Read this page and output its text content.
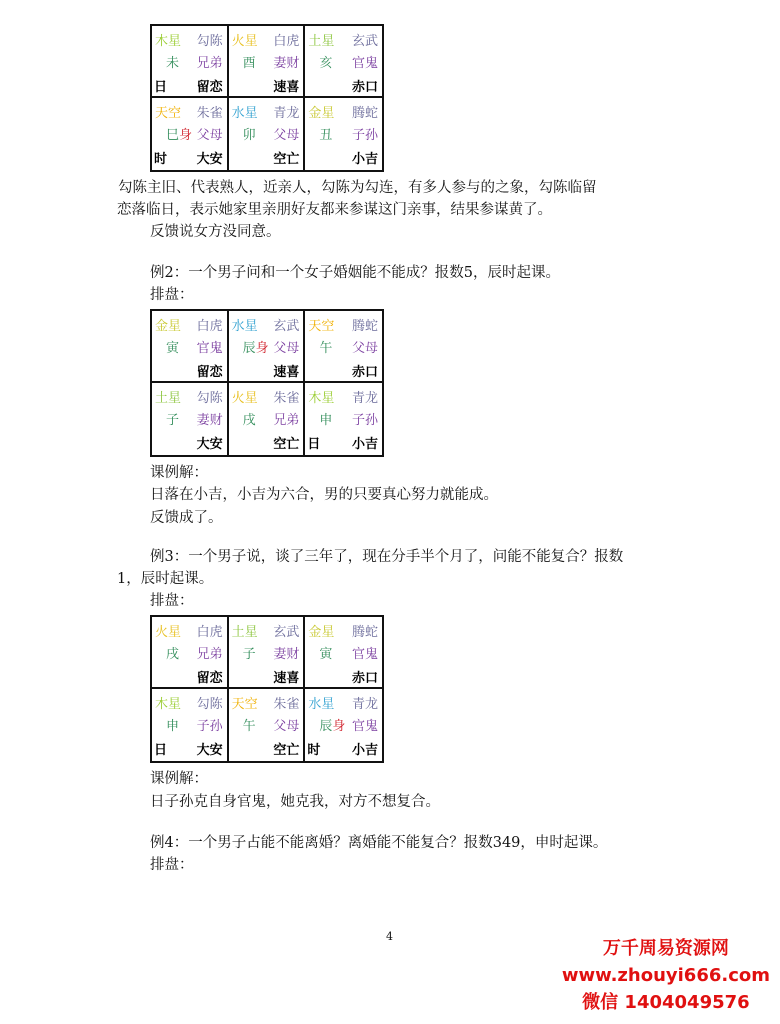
木星 勾陈
未 兄弟
日 留恋
火星 白虎
酉 妻财
速喜
土星 玄武
亥 官鬼
赤口
天空 朱雀
巳身 父母
时 大安
水星 青龙
卯 父母
空亡
金星 腾蛇
丑 子孙
小吉

勾陈主旧、代表熟人，近亲人，勾陈为勾连，有多人参与的之象，勾陈临留

恋落临日，表示她家里亲朋好友都来参谋这门亲事，结果参谋黄了。

反馈说女方没同意。

例2：一个男子问和一个女子婚姻能不能成？报数5，辰时起课。

排盘：

金星 白虎
寅 官鬼
留恋
水星 玄武
辰身 父母
速喜
天空 腾蛇
午 父母
赤口
土星 勾陈
子 妻财
大安
火星 朱雀
戌 兄弟
空亡
木星 青龙
申 子孙
日 小吉

课例解：

日落在小吉，小吉为六合，男的只要真心努力就能成。

反馈成了。

例3：一个男子说，谈了三年了，现在分手半个月了，问能不能复合？报数

1，辰时起课。

排盘：

火星 白虎
戌 兄弟
留恋
土星 玄武
子 妻财
速喜
金星 腾蛇
寅 官鬼
赤口
木星 勾陈
申 子孙
日 大安
天空 朱雀
午 父母
空亡
水星 青龙
辰身 官鬼
时 小吉

课例解：

日子孙克自身官鬼，她克我，对方不想复合。

例4：一个男子占能不能离婚？离婚能不能复合？报数349，申时起课。

排盘：

4
万千周易资源网
www.zhouyi666.com
微信 1404049576
